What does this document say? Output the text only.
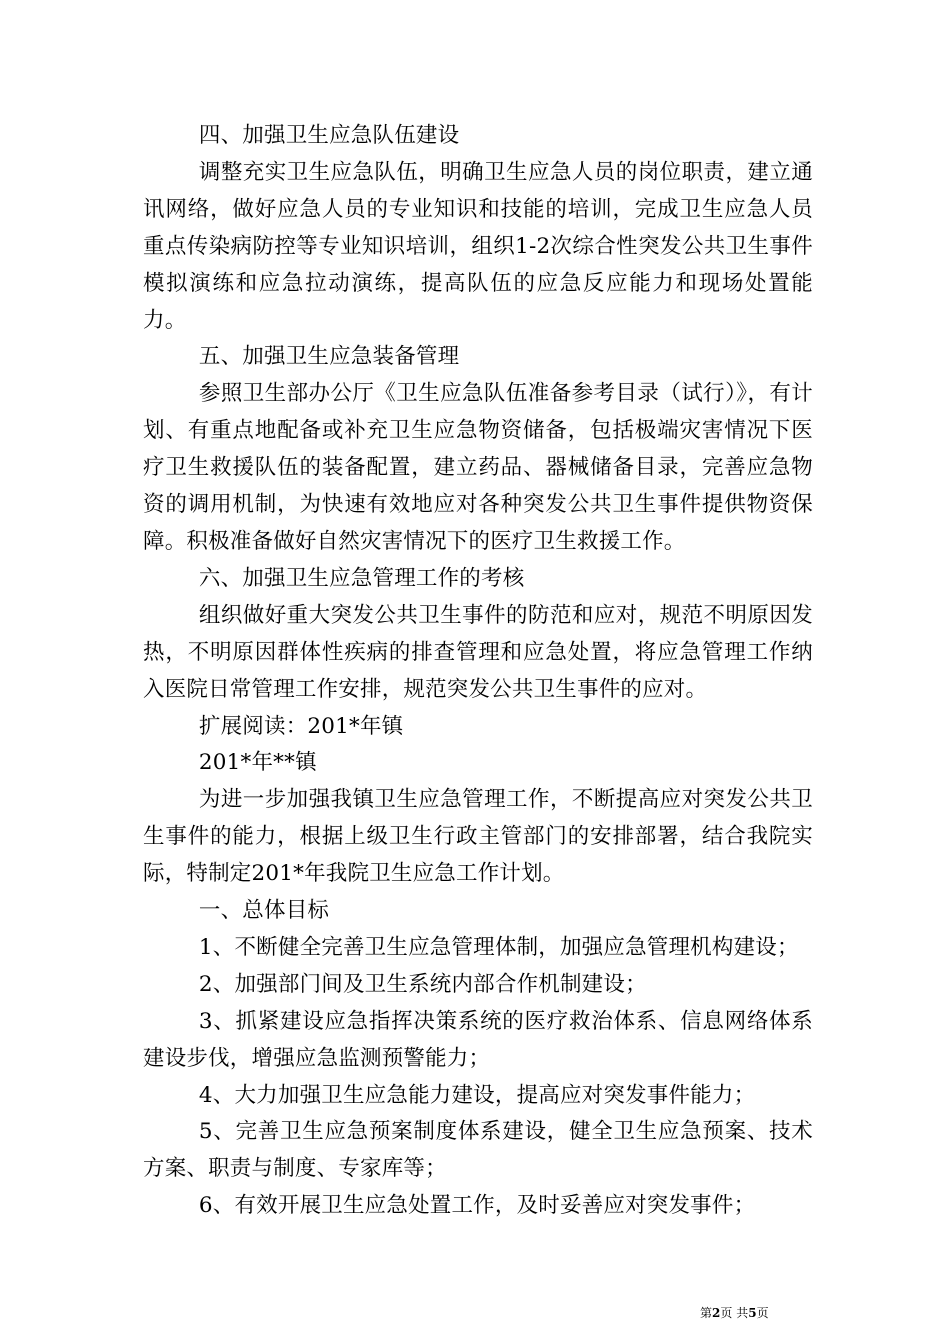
四、加强卫生应急队伍建设

调整充实卫生应急队伍，明确卫生应急人员的岗位职责，建立通讯网络，做好应急人员的专业知识和技能的培训，完成卫生应急人员重点传染病防控等专业知识培训，组织1-2次综合性突发公共卫生事件模拟演练和应急拉动演练，提高队伍的应急反应能力和现场处置能力。

五、加强卫生应急装备管理

参照卫生部办公厅《卫生应急队伍准备参考目录（试行）》，有计划、有重点地配备或补充卫生应急物资储备，包括极端灾害情况下医疗卫生救援队伍的装备配置，建立药品、器械储备目录，完善应急物资的调用机制，为快速有效地应对各种突发公共卫生事件提供物资保障。积极准备做好自然灾害情况下的医疗卫生救援工作。

六、加强卫生应急管理工作的考核

组织做好重大突发公共卫生事件的防范和应对，规范不明原因发热，不明原因群体性疾病的排查管理和应急处置，将应急管理工作纳入医院日常管理工作安排，规范突发公共卫生事件的应对。

扩展阅读：201*年镇

201*年**镇

为进一步加强我镇卫生应急管理工作，不断提高应对突发公共卫生事件的能力，根据上级卫生行政主管部门的安排部署，结合我院实际，特制定201*年我院卫生应急工作计划。

一、总体目标

1、不断健全完善卫生应急管理体制，加强应急管理机构建设；

2、加强部门间及卫生系统内部合作机制建设；

3、抓紧建设应急指挥决策系统的医疗救治体系、信息网络体系建设步伐，增强应急监测预警能力；

4、大力加强卫生应急能力建设，提高应对突发事件能力；

5、完善卫生应急预案制度体系建设，健全卫生应急预案、技术方案、职责与制度、专家库等；

6、有效开展卫生应急处置工作，及时妥善应对突发事件；

第2页 共5页
